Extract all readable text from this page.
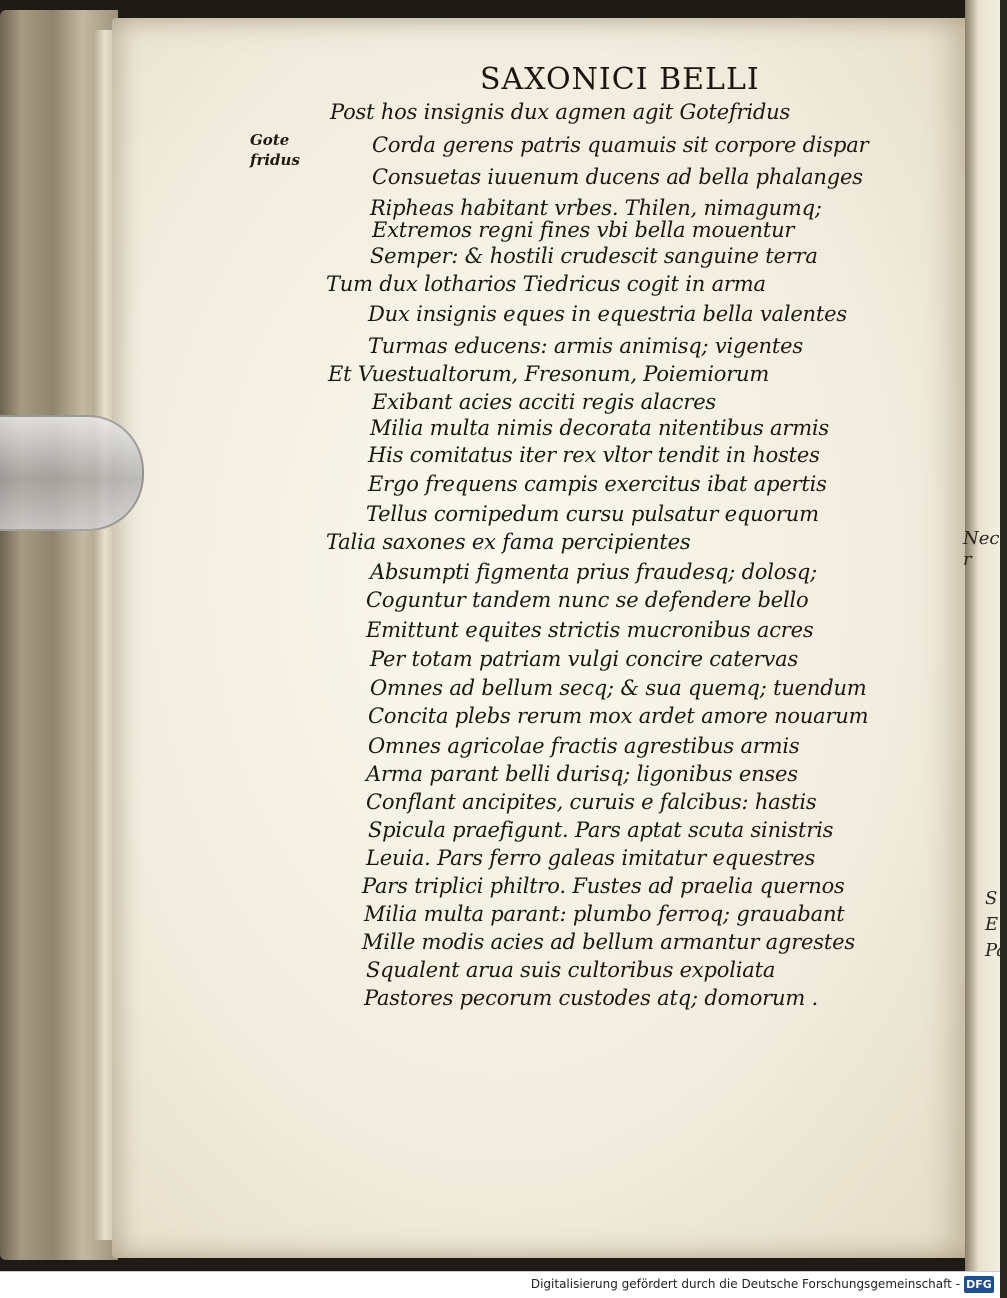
SAXONICI BELLI
Gote
fridus
Post hos insignis dux agmen agit Gotefridus
Corda gerens patris quamuis sit corpore dispar
Consuetas iuuenum ducens ad bella phalanges
Ripheas habitant vrbes. Thilen, nimagumq;
Extremos regni fines vbi bella mouentur
Semper: & hostili crudescit sanguine terra
Tum dux lotharios Tiedricus cogit in arma
Dux insignis eques in equestria bella valentes
Turmas educens: armis animisq; vigentes
Et Vuestualtorum, Fresonum, Poiemiorum
Exibant acies acciti regis alacres
Milia multa nimis decorata nitentibus armis
His comitatus iter rex vltor tendit in hostes
Ergo frequens campis exercitus ibat apertis
Tellus cornipedum cursu pulsatur equorum
Talia saxones ex fama percipientes
Absumpti figmenta prius fraudesq; dolosq;
Coguntur tandem nunc se defendere bello
Emittunt equites strictis mucronibus acres
Per totam patriam vulgi concire catervas
Omnes ad bellum secq; & sua quemq; tuendum
Concita plebs rerum mox ardet amore nouarum
Omnes agricolae fractis agrestibus armis
Arma parant belli durisq; ligonibus enses
Conflant ancipites, curuis e falcibus: hastis
Spicula praefigunt. Pars aptat scuta sinistris
Leuia. Pars ferro galeas imitatur equestres
Pars triplici philtro. Fustes ad praelia quernos
Milia multa parant: plumbo ferroq; grauabant
Mille modis acies ad bellum armantur agrestes
Squalent arua suis cultoribus expoliata
Pastores pecorum custodes atq; domorum .
Nec r
S
E
Pa
Digitalisierung gefördert durch die Deutsche Forschungsgemeinschaft - DFG
